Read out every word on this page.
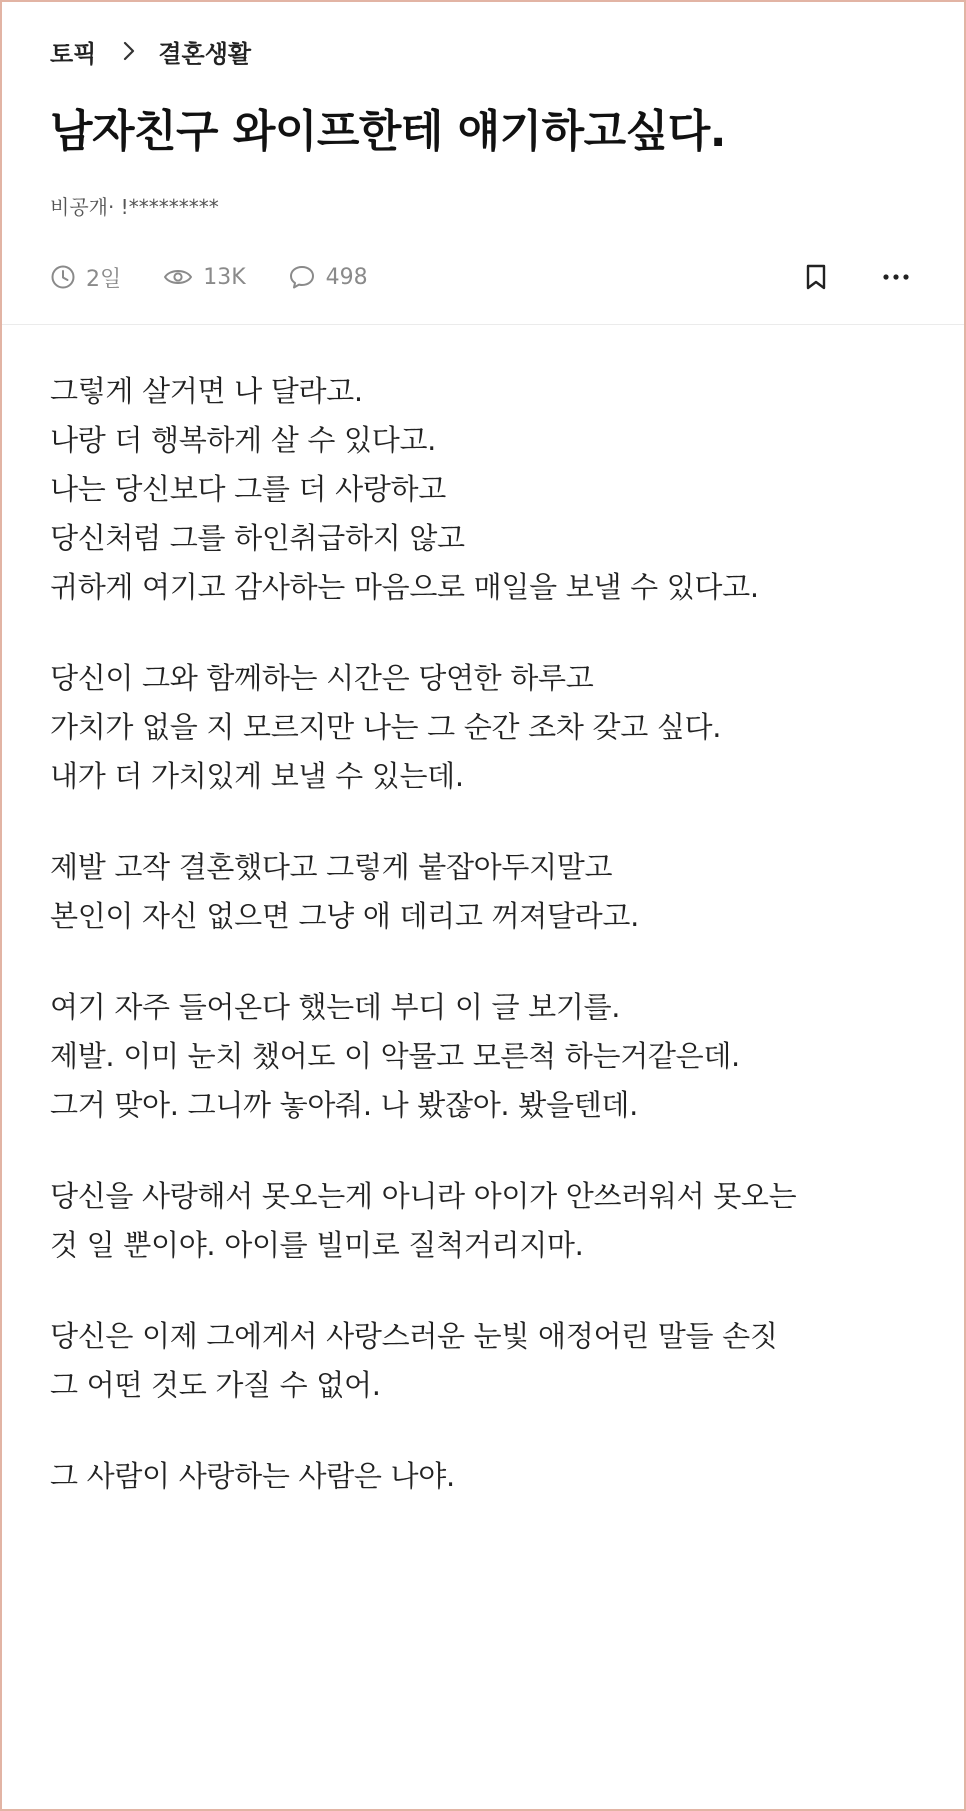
토픽	결혼생활
남자친구 와이프한테 얘기하고싶다.
비공개· !*********
2일	13K	498
그렇게 살거면 나 달라고.
나랑 더 행복하게 살 수 있다고.
나는 당신보다 그를 더 사랑하고
당신처럼 그를 하인취급하지 않고
귀하게 여기고 감사하는 마음으로 매일을 보낼 수 있다고.
당신이 그와 함께하는 시간은 당연한 하루고
가치가 없을 지 모르지만 나는 그 순간 조차 갖고 싶다.
내가 더 가치있게 보낼 수 있는데.
제발 고작 결혼했다고 그렇게 붙잡아두지말고
본인이 자신 없으면 그냥 애 데리고 꺼져달라고.
여기 자주 들어온다 했는데 부디 이 글 보기를.
제발. 이미 눈치 챘어도 이 악물고 모른척 하는거같은데.
그거 맞아. 그니까 놓아줘. 나 봤잖아. 봤을텐데.
당신을 사랑해서 못오는게 아니라 아이가 안쓰러워서 못오는
것 일 뿐이야. 아이를 빌미로 질척거리지마.
당신은 이제 그에게서 사랑스러운 눈빛 애정어린 말들 손짓
그 어떤 것도 가질 수 없어.
그 사람이 사랑하는 사람은 나야.
